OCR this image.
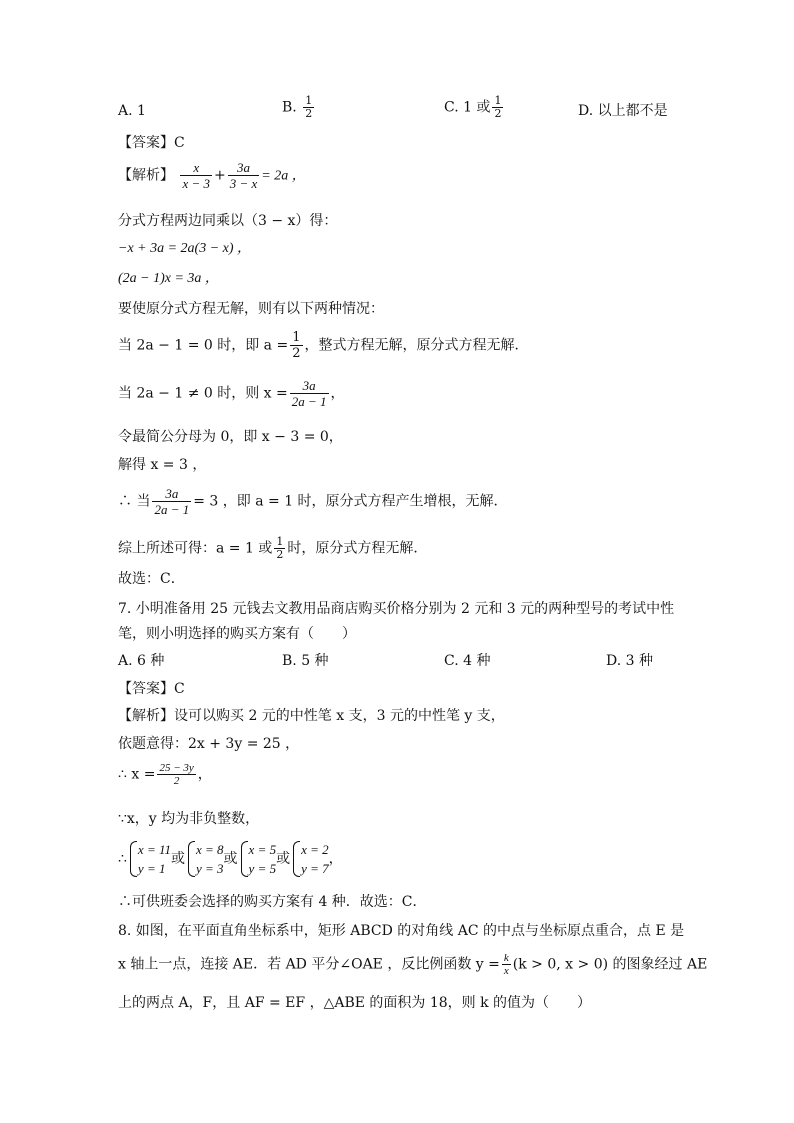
A. 1	B. $\frac{1}{2}$	C. 1 或 $\frac{1}{2}$	D. 以上都不是
【答案】C
【解析】 $\frac{x}{x - 3} + \frac{3a}{3 - x} = 2a$ ，
分式方程两边同乘以（3 − x）得：
−x + 3a = 2a(3 − x) ，
(2a − 1)x = 3a ，
要使原分式方程无解，则有以下两种情况：
当 2a − 1 = 0 时，即 $a = \frac{1}{2}$ ，整式方程无解，原分式方程无解．
当 2a − 1 ≠ 0 时，则 $x = \frac{3a}{2a - 1}$ ，
令最简公分母为 0，即 x − 3 = 0，
解得 x = 3 ，
∴ 当 $\frac{3a}{2a - 1} = 3$ ，即 a = 1 时，原分式方程产生增根，无解．
综上所述可得：a = 1 或 $\frac{1}{2}$ 时，原分式方程无解．
故选：C．
7. 小明准备用 25 元钱去文教用品商店购买价格分别为 2 元和 3 元的两种型号的考试中性
笔，则小明选择的购买方案有（　　）
A. 6 种	B. 5 种	C. 4 种	D. 3 种
【答案】C
【解析】设可以购买 2 元的中性笔 x 支，3 元的中性笔 y 支，
依题意得：2x + 3y = 25 ，
∴ $x = \frac{25 - 3y}{2}$ ，
∵x，y 均为非负整数，
∴
x = 11
y = 1
或
x = 8
y = 3
或
x = 5
y = 5
或
x = 2
y = 7
，
∴可供班委会选择的购买方案有 4 种．故选：C．
8. 如图，在平面直角坐标系中，矩形 ABCD 的对角线 AC 的中点与坐标原点重合，点 E 是
x 轴上一点，连接 AE．若 AD 平分∠OAE ，反比例函数 $y = \frac{k}{x} (k > 0$, x > 0) 的图象经过 AE
上的两点 A，F，且 AF = EF ，△ABE 的面积为 18，则 k 的值为（　　）
